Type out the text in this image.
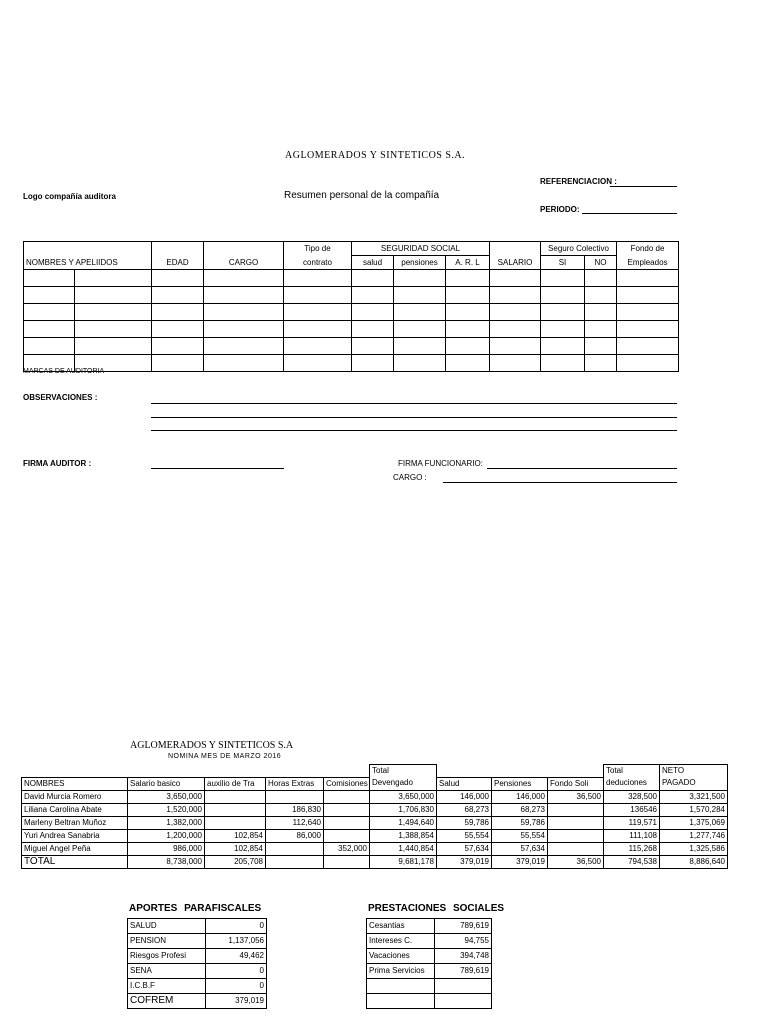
AGLOMERADOS Y SINTETICOS S.A.
Logo compañía auditora	Resumen personal de la compañía
REFERENCIACION :
PERIODO:
				Tipo de	SEGURIDAD SOCIAL				Seguro Colectivo		Fondo de
NOMBRES Y APELIIDOS		EDAD	CARGO	contrato	salud	pensiones	A. R. L	SALARIO	SI	NO	Empleados

MARCAS DE AUDITORIA
OBSERVACIONES :
FIRMA AUDITOR :	FIRMA FUNCIONARIO:
CARGO :
AGLOMERADOS Y SINTETICOS S.A
NOMINA MES DE MARZO 2016
					Total				Total	NETO
NOMBRES	Salario basico	auxilio de Tra	Horas Extras	Comisiones	Devengado	Salud	Pensiones	Fondo Soli	deduciones	PAGADO
David Murcia Romero	3,650,000				3,650,000	146,000	146,000	36,500	328,500	3,321,500
Liliana Carolina Abate	1,520,000		186,830		1,706,830	68,273	68,273		136546	1,570,284
Marleny Beltran Muñoz	1,382,000		112,640		1,494,640	59,786	59,786		119,571	1,375,069
Yuri Andrea Sanabria	1,200,000	102,854	86,000		1,388,854	55,554	55,554		111,108	1,277,746
Miguel Angel Peña	986,000	102,854		352,000	1,440,854	57,634	57,634		115,268	1,325,586
TOTAL	8,738,000	205,708			9,681,178	379,019	379,019	36,500	794,538	8,886,640
APORTES PARAFISCALES
SALUD	0
PENSION	1,137,056
Riesgos Profesi	49,462
SENA	0
I.C.B.F	0
COFREM	379,019
PRESTACIONES SOCIALES
Cesantias	789,619
Intereses C.	94,755
Vacaciones	394,748
Prima Servicios	789,619
